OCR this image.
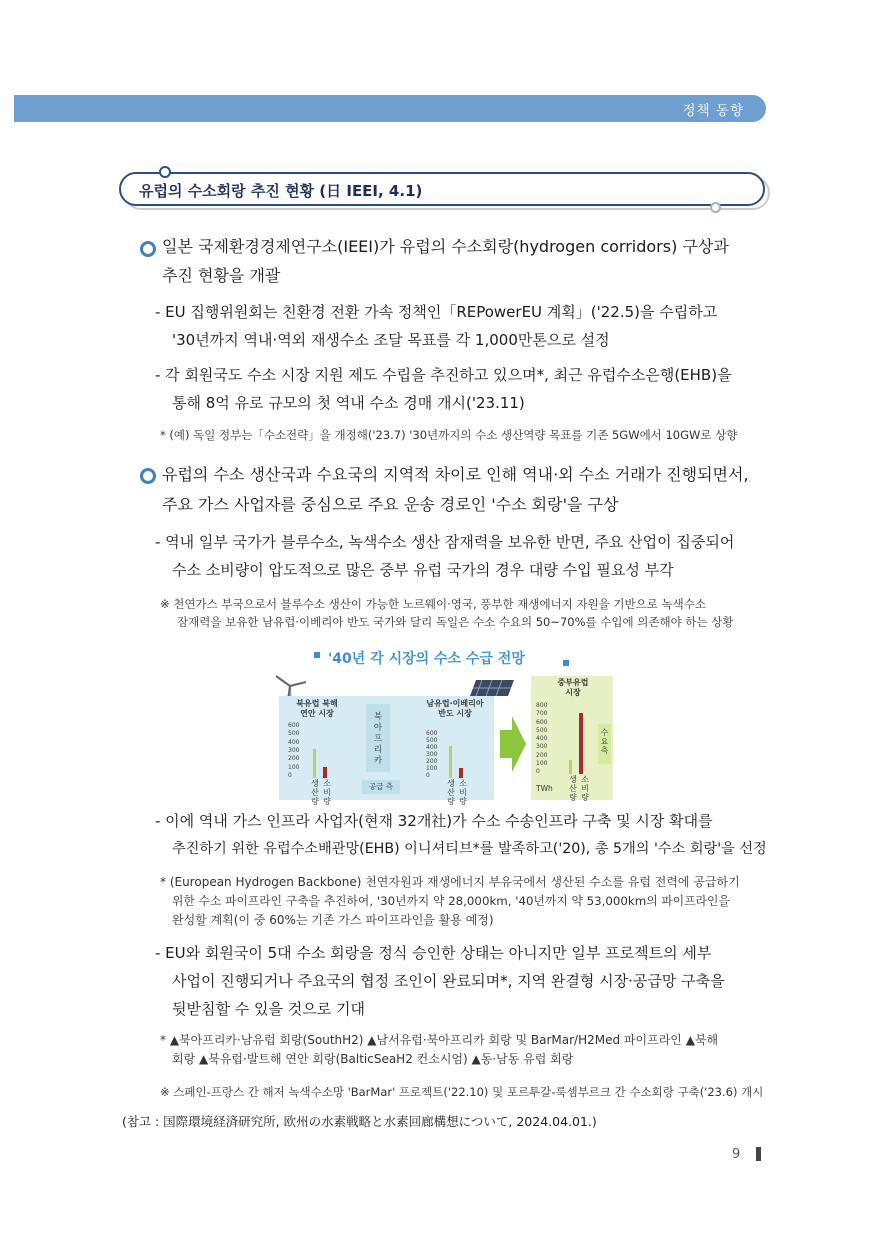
정책 동향
유럽의 수소회랑 추진 현황 (日 IEEI, 4.1)
일본 국제환경경제연구소(IEEI)가 유럽의 수소회랑(hydrogen corridors) 구상과
추진 현황을 개괄
- EU 집행위원회는 친환경 전환 가속 정책인「REPowerEU 계획」('22.5)을 수립하고
'30년까지 역내·역외 재생수소 조달 목표를 각 1,000만톤으로 설정
- 각 회원국도 수소 시장 지원 제도 수립을 추진하고 있으며*, 최근 유럽수소은행(EHB)을
통해 8억 유로 규모의 첫 역내 수소 경매 개시('23.11)
* (예) 독일 정부는「수소전략」을 개정해('23.7) '30년까지의 수소 생산역량 목표를 기존 5GW에서 10GW로 상향
유럽의 수소 생산국과 수요국의 지역적 차이로 인해 역내·외 수소 거래가 진행되면서,
주요 가스 사업자를 중심으로 주요 운송 경로인 '수소 회랑'을 구상
- 역내 일부 국가가 블루수소, 녹색수소 생산 잠재력을 보유한 반면, 주요 산업이 집중되어
수소 소비량이 압도적으로 많은 중부 유럽 국가의 경우 대량 수입 필요성 부각
※ 천연가스 부국으로서 블루수소 생산이 가능한 노르웨이·영국, 풍부한 재생에너지 자원을 기반으로 녹색수소
잠재력을 보유한 남유럽·이베리아 반도 국가와 달리 독일은 수소 수요의 50~70%를 수입에 의존해야 하는 상황
'40년 각 시장의 수소 수급 전망
북유럽 북해
연안 시장
600
500
400
300
200
100
0
생
산
량
소
비
량
북
아
프
리
카
남유럽·이베리아
반도 시장
600
500
400
300
200
100
0
생
산
량
소
비
량
공급 측
중부유럽
시장
800
700
600
500
400
300
200
100
0
생
산
량
소
비
량
수
요
측
TWh
- 이에 역내 가스 인프라 사업자(현재 32개社)가 수소 수송인프라 구축 및 시장 확대를
추진하기 위한 유럽수소배관망(EHB) 이니셔티브*를 발족하고('20), 총 5개의 '수소 회랑'을 선정
* (European Hydrogen Backbone) 천연자원과 재생에너지 부유국에서 생산된 수소를 유럽 전력에 공급하기
위한 수소 파이프라인 구축을 추진하여, '30년까지 약 28,000km, '40년까지 약 53,000km의 파이프라인을
완성할 계획(이 중 60%는 기존 가스 파이프라인을 활용 예정)
- EU와 회원국이 5대 수소 회랑을 정식 승인한 상태는 아니지만 일부 프로젝트의 세부
사업이 진행되거나 주요국의 협정 조인이 완료되며*, 지역 완결형 시장·공급망 구축을
뒷받침할 수 있을 것으로 기대
* ▲북아프리카·남유럽 회랑(SouthH2) ▲남서유럽·북아프리카 회랑 및 BarMar/H2Med 파이프라인 ▲북해
회랑 ▲북유럽·발트해 연안 회랑(BalticSeaH2 컨소시엄) ▲동·남동 유럽 회랑
※ 스페인-프랑스 간 해저 녹색수소망 'BarMar' 프로젝트('22.10) 및 포르투갈-룩셈부르크 간 수소회랑 구축('23.6) 개시
(참고 : 国際環境経済研究所, 欧州の水素戦略と水素回廊構想について, 2024.04.01.)
9
